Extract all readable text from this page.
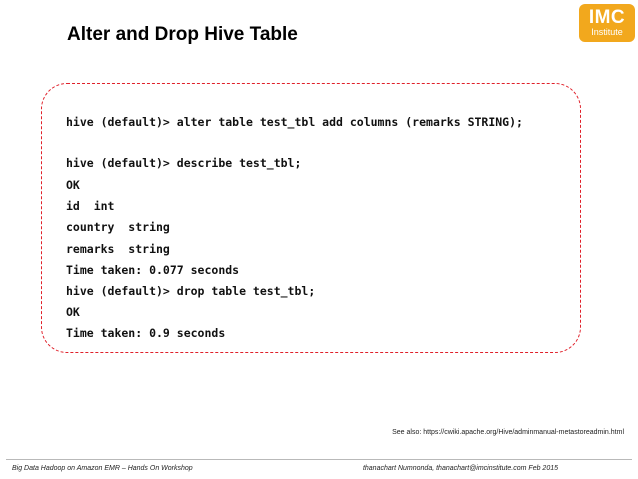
Alter and Drop Hive Table
IMC
Institute
hive (default)> alter table test_tbl add columns (remarks STRING);
hive (default)> describe test_tbl;
OK
id  int
country  string
remarks  string
Time taken: 0.077 seconds
hive (default)> drop table test_tbl;
OK
Time taken: 0.9 seconds
See also: https://cwiki.apache.org/Hive/adminmanual-metastoreadmin.html
Big Data Hadoop on Amazon EMR – Hands On Workshop	thanachart Numnonda, thanachart@imcinstitute.com Feb 2015
